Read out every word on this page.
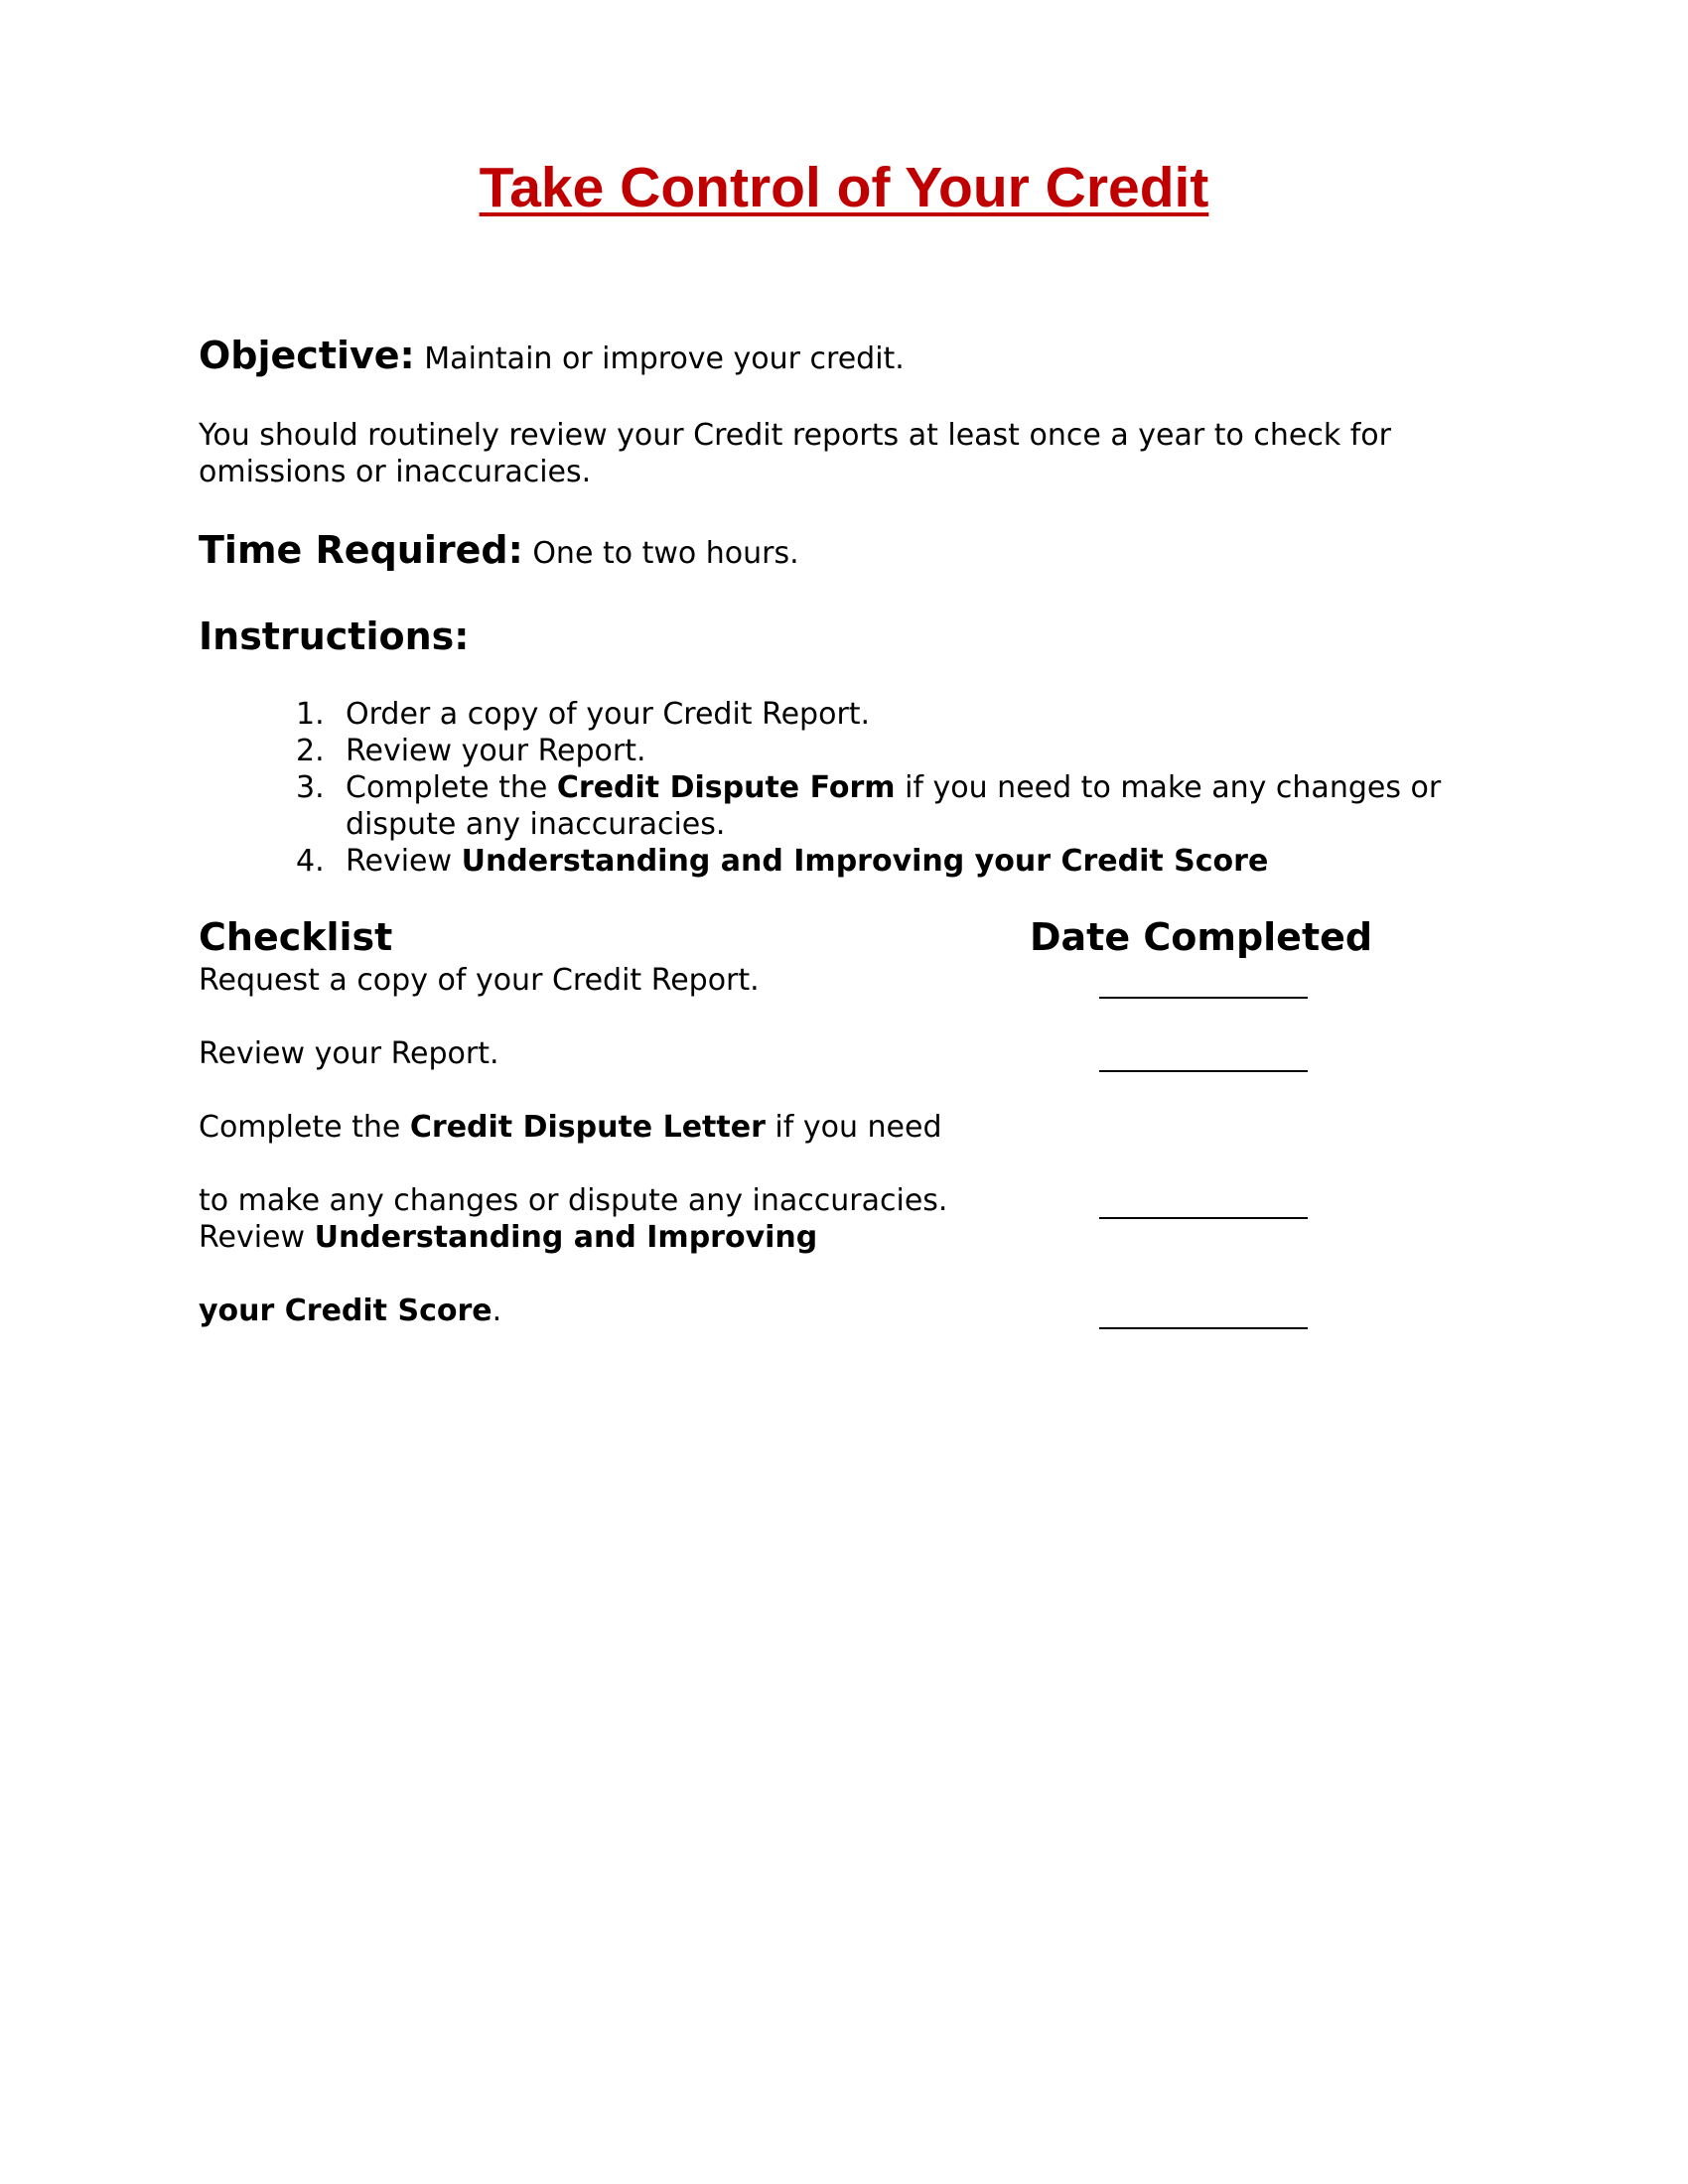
Take Control of Your Credit

Objective: Maintain or improve your credit.

You should routinely review your Credit reports at least once a year to check for omissions or inaccuracies.

Time Required: One to two hours.

Instructions:

1. Order a copy of your Credit Report.
2. Review your Report.
3. Complete the Credit Dispute Form if you need to make any changes or dispute any inaccuracies.
4. Review Understanding and Improving your Credit Score

Checklist	Date Completed

Request a copy of your Credit Report.

Review your Report.

Complete the Credit Dispute Letter if you need

to make any changes or dispute any inaccuracies.

Review Understanding and Improving

your Credit Score.
